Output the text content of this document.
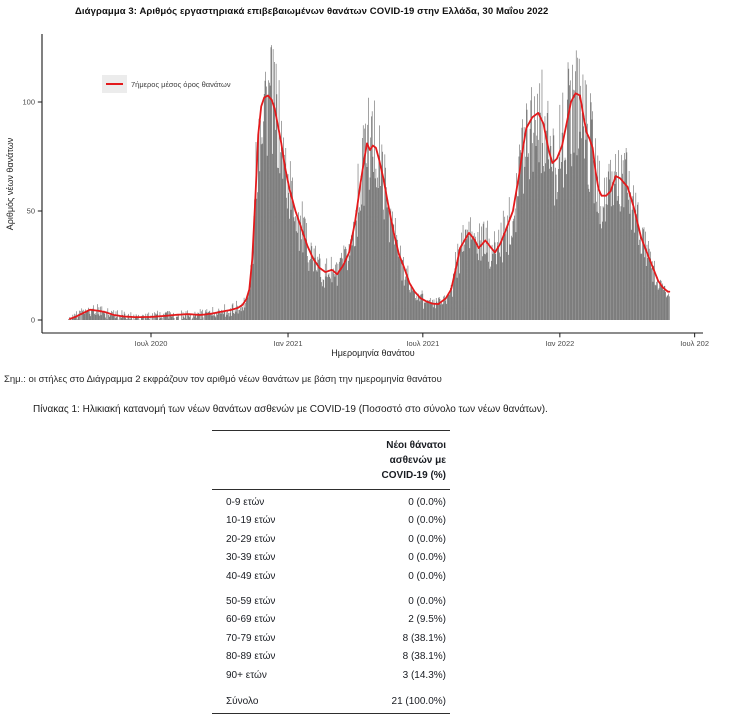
Διάγραμμα 3: Αριθμός εργαστηριακά επιβεβαιωμένων θανάτων COVID-19 στην Ελλάδα, 30 Μαΐου 2022
0
50
100
Ιουλ 2020	Ιαν 2021	Ιουλ 2021	Ιαν 2022	Ιουλ 202
Ημερομηνία θανάτου
Αριθμός νέων θανάτων
7ήμερος μέσος όρος θανάτων
Σημ.: οι στήλες στο Διάγραμμα 2 εκφράζουν τον αριθμό νέων θανάτων με βάση την ημερομηνία θανάτου
Πίνακας 1: Ηλικιακή κατανομή των νέων θανάτων ασθενών με COVID-19 (Ποσοστό στο σύνολο των νέων θανάτων).
Νέοι θάνατοι
ασθενών με
COVID-19 (%)
0-9 ετών	0 (0.0%)
10-19 ετών	0 (0.0%)
20-29 ετών	0 (0.0%)
30-39 ετών	0 (0.0%)
40-49 ετών	0 (0.0%)
50-59 ετών	0 (0.0%)
60-69 ετών	2 (9.5%)
70-79 ετών	8 (38.1%)
80-89 ετών	8 (38.1%)
90+ ετών	3 (14.3%)
Σύνολο	21 (100.0%)
